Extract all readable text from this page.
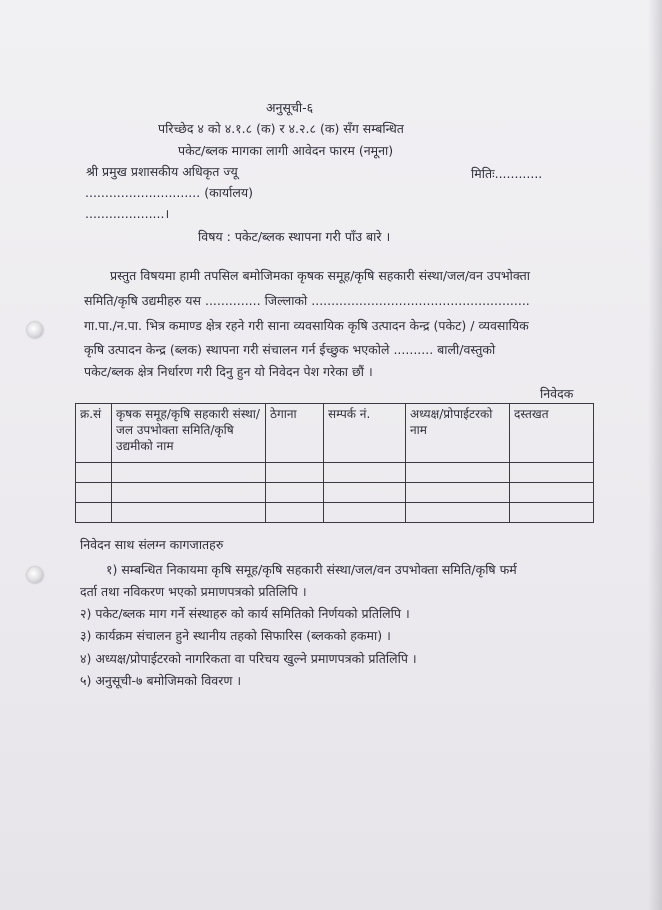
अनुसूची-६
परिच्छेद ४ को ४.१.८ (क) र ४.२.८ (क) सँग सम्बन्धित
पकेट/ब्लक मागका लागी आवेदन फारम (नमूना)
श्री प्रमुख प्रशासकीय अधिकृत ज्यू	मितिः............
............................. (कार्यालय)
....................।
विषय : पकेट/ब्लक स्थापना गरी पाँउ बारे ।
प्रस्तुत विषयमा हामी तपसिल बमोजिमका कृषक समूह/कृषि सहकारी संस्था/जल/वन उपभोक्ता
समिति/कृषि उद्यमीहरु यस .............. जिल्लाको .......................................................
गा.पा./न.पा. भित्र कमाण्ड क्षेत्र रहने गरी साना व्यवसायिक कृषि उत्पादन केन्द्र (पकेट) / व्यवसायिक
कृषि उत्पादन केन्द्र (ब्लक) स्थापना गरी संचालन गर्न ईच्छुक भएकोले .......... बाली/वस्तुको
पकेट/ब्लक क्षेत्र निर्धारण गरी दिनु हुन यो निवेदन पेश गरेका छौं ।
निवेदक
क्र.सं	कृषक समूह/कृषि सहकारी संस्था/जल उपभोक्ता समिति/कृषि उद्यमीको नाम	ठेगाना	सम्पर्क नं.	अध्यक्ष/प्रोपाईटरको नाम	दस्तखत

निवेदन साथ संलग्न कागजातहरु
१) सम्बन्धित निकायमा कृषि समूह/कृषि सहकारी संस्था/जल/वन उपभोक्ता समिति/कृषि फर्म
दर्ता तथा नविकरण भएको प्रमाणपत्रको प्रतिलिपि ।
२) पकेट/ब्लक माग गर्ने संस्थाहरु को कार्य समितिको निर्णयको प्रतिलिपि ।
३) कार्यक्रम संचालन हुने स्थानीय तहको सिफारिस (ब्लकको हकमा) ।
४) अध्यक्ष/प्रोपाईटरको नागरिकता वा परिचय खुल्ने प्रमाणपत्रको प्रतिलिपि ।
५) अनुसूची-७ बमोजिमको विवरण ।
